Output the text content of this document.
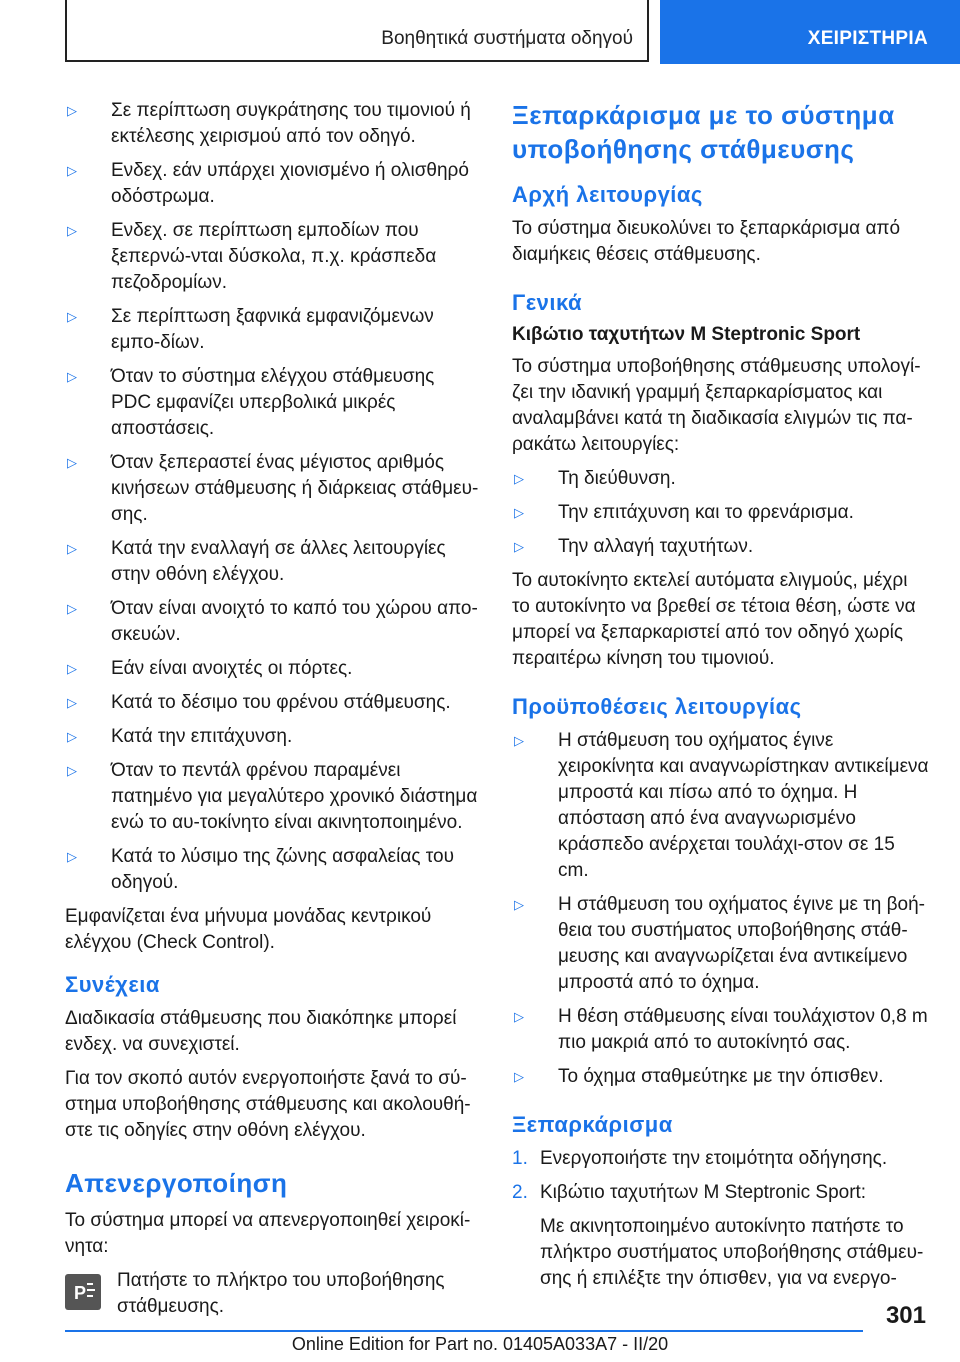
Βοηθητικά συστήματα οδηγού	ΧΕΙΡΙΣΤΗΡΙΑ
▷ Σε περίπτωση συγκράτησης του τιμονιού ή εκτέλεσης χειρισμού από τον οδηγό.
▷ Ενδεχ. εάν υπάρχει χιονισμένο ή ολισθηρό οδόστρωμα.
▷ Ενδεχ. σε περίπτωση εμποδίων που ξεπερνώ-νται δύσκολα, π.χ. κράσπεδα πεζοδρομίων.
▷ Σε περίπτωση ξαφνικά εμφανιζόμενων εμπο-δίων.
▷ Όταν το σύστημα ελέγχου στάθμευσης PDC εμφανίζει υπερβολικά μικρές αποστάσεις.
▷ Όταν ξεπεραστεί ένας μέγιστος αριθμός κινήσεων στάθμευσης ή διάρκειας στάθμευ-σης.
▷ Κατά την εναλλαγή σε άλλες λειτουργίες στην οθόνη ελέγχου.
▷ Όταν είναι ανοιχτό το καπό του χώρου απο-σκευών.
▷ Εάν είναι ανοιχτές οι πόρτες.
▷ Κατά το δέσιμο του φρένου στάθμευσης.
▷ Κατά την επιτάχυνση.
▷ Όταν το πεντάλ φρένου παραμένει πατημένο για μεγαλύτερο χρονικό διάστημα ενώ το αυ-τοκίνητο είναι ακινητοποιημένο.
▷ Κατά το λύσιμο της ζώνης ασφαλείας του οδηγού.
Εμφανίζεται ένα μήνυμα μονάδας κεντρικού ελέγχου (Check Control).
Συνέχεια
Διαδικασία στάθμευσης που διακόπηκε μπορεί ενδεχ. να συνεχιστεί.
Για τον σκοπό αυτόν ενεργοποιήστε ξανά το σύ-στημα υποβοήθησης στάθμευσης και ακολουθή-στε τις οδηγίες στην οθόνη ελέγχου.
Απενεργοποίηση
Το σύστημα μπορεί να απενεργοποιηθεί χειροκί-νητα:
P
Πατήστε το πλήκτρο του υποβοήθησης στάθμευσης.
Ξεπαρκάρισμα με το σύστημα υποβοήθησης στάθμευσης
Αρχή λειτουργίας
Το σύστημα διευκολύνει το ξεπαρκάρισμα από διαμήκεις θέσεις στάθμευσης.
Γενικά
Κιβώτιο ταχυτήτων M Steptronic Sport
Το σύστημα υποβοήθησης στάθμευσης υπολογί-ζει την ιδανική γραμμή ξεπαρκαρίσματος και αναλαμβάνει κατά τη διαδικασία ελιγμών τις πα-ρακάτω λειτουργίες:
▷ Τη διεύθυνση.
▷ Την επιτάχυνση και το φρενάρισμα.
▷ Την αλλαγή ταχυτήτων.
Το αυτοκίνητο εκτελεί αυτόματα ελιγμούς, μέχρι το αυτοκίνητο να βρεθεί σε τέτοια θέση, ώστε να μπορεί να ξεπαρκαριστεί από τον οδηγό χωρίς περαιτέρω κίνηση του τιμονιού.
Προϋποθέσεις λειτουργίας
▷ Η στάθμευση του οχήματος έγινε χειροκίνητα και αναγνωρίστηκαν αντικείμενα μπροστά και πίσω από το όχημα. Η απόσταση από ένα αναγνωρισμένο κράσπεδο ανέρχεται τουλάχι-στον σε 15 cm.
▷ Η στάθμευση του οχήματος έγινε με τη βοή-θεια του συστήματος υποβοήθησης στάθ-μευσης και αναγνωρίζεται ένα αντικείμενο μπροστά από το όχημα.
▷ Η θέση στάθμευσης είναι τουλάχιστον 0,8 m πιο μακριά από το αυτοκίνητό σας.
▷ Το όχημα σταθμεύτηκε με την όπισθεν.
Ξεπαρκάρισμα
1. Ενεργοποιήστε την ετοιμότητα οδήγησης.
2. Κιβώτιο ταχυτήτων M Steptronic Sport:
Με ακινητοποιημένο αυτοκίνητο πατήστε το πλήκτρο συστήματος υποβοήθησης στάθμευ-σης ή επιλέξτε την όπισθεν, για να ενεργο-
301
Online Edition for Part no. 01405A033A7 - II/20
